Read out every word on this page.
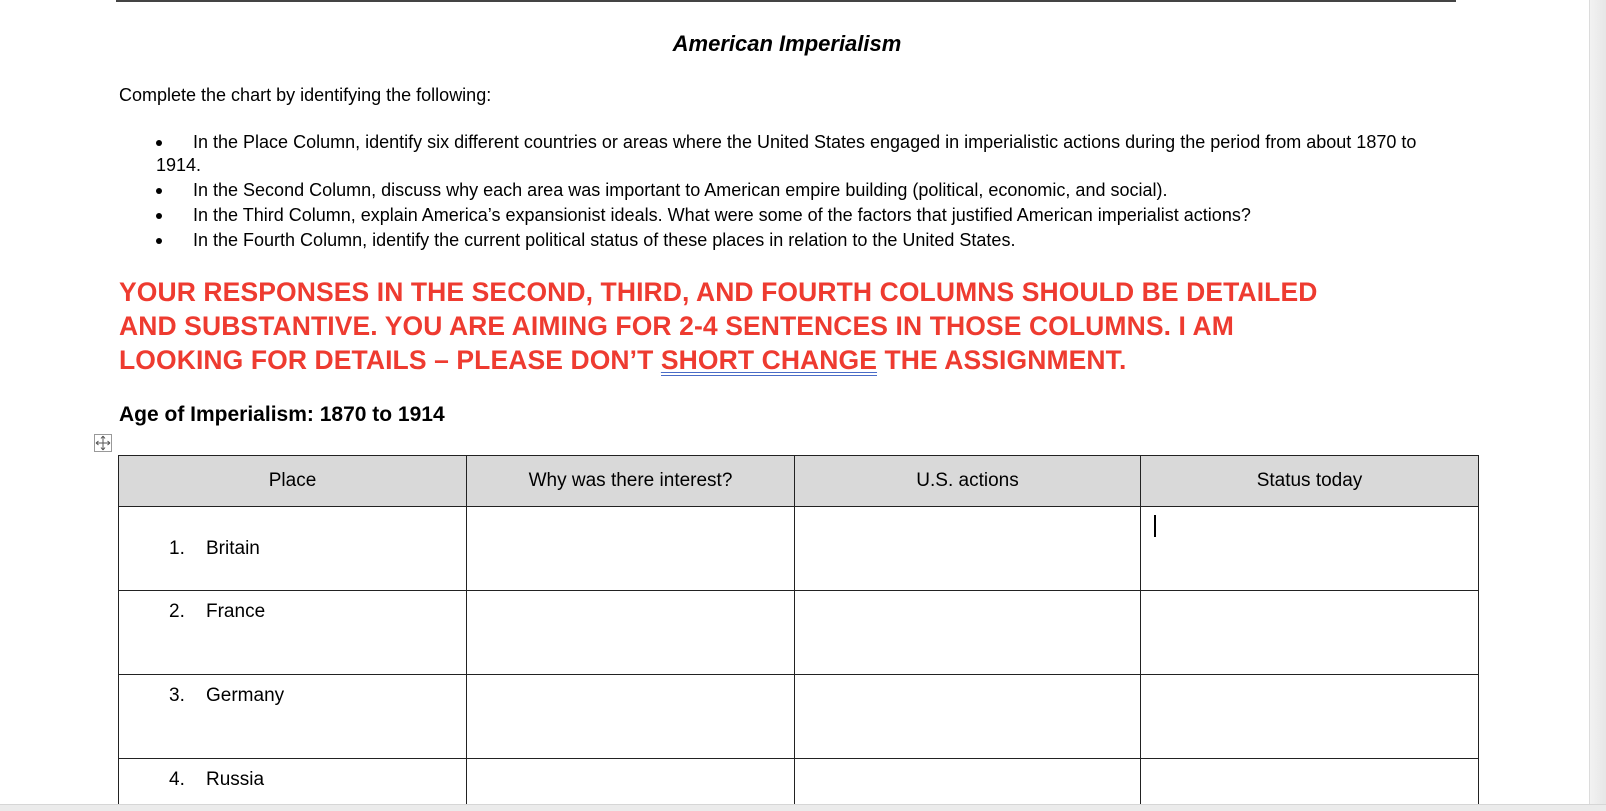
American Imperialism
Complete the chart by identifying the following:
In the Place Column, identify six different countries or areas where the United States engaged in imperialistic actions during the period from about 1870 to 1914.
In the Second Column, discuss why each area was important to American empire building (political, economic, and social).
In the Third Column, explain America’s expansionist ideals. What were some of the factors that justified American imperialist actions?
In the Fourth Column, identify the current political status of these places in relation to the United States.
YOUR RESPONSES IN THE SECOND, THIRD, AND FOURTH COLUMNS SHOULD BE DETAILED
AND SUBSTANTIVE. YOU ARE AIMING FOR 2-4 SENTENCES IN THOSE COLUMNS. I AM
LOOKING FOR DETAILS – PLEASE DON’T SHORT CHANGE THE ASSIGNMENT.
Age of Imperialism: 1870 to 1914
Place	Why was there interest?	U.S. actions	Status today

1. Britain			

2. France			

3. Germany			

4. Russia			
